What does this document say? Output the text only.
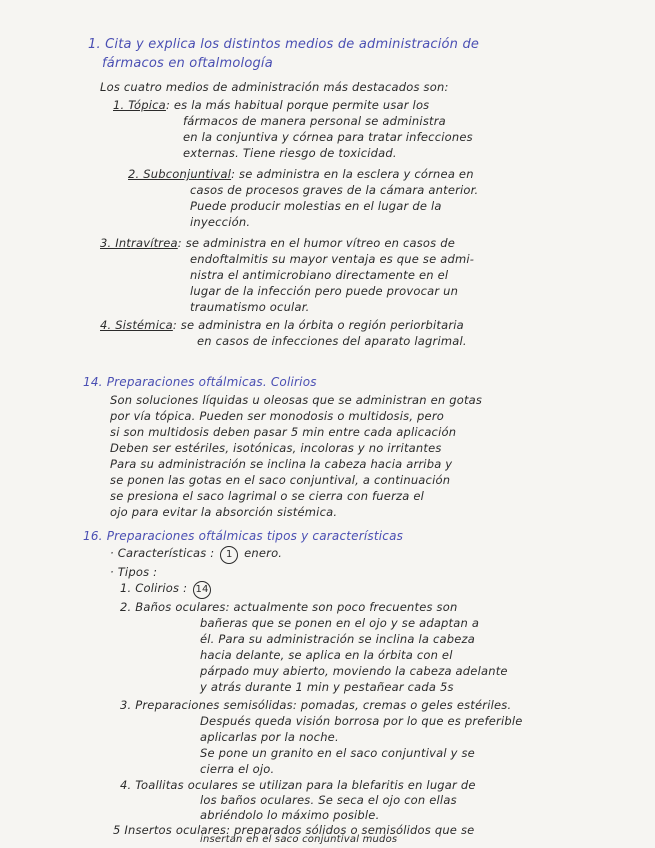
1. Cita y explica los distintos medios de administración de
fármacos en oftalmología
Los cuatro medios de administración más destacados son:
1. Tópica: es la más habitual porque permite usar los
fármacos de manera personal se administra
en la conjuntiva y córnea para tratar infecciones
externas. Tiene riesgo de toxicidad.
2. Subconjuntival: se administra en la esclera y córnea en
casos de procesos graves de la cámara anterior.
Puede producir molestias en el lugar de la
inyección.
3. Intravítrea: se administra en el humor vítreo en casos de
endoftalmitis su mayor ventaja es que se admi-
nistra el antimicrobiano directamente en el
lugar de la infección pero puede provocar un
traumatismo ocular.
4. Sistémica: se administra en la órbita o región periorbitaria
en casos de infecciones del aparato lagrimal.
14. Preparaciones oftálmicas. Colirios
Son soluciones líquidas u oleosas que se administran en gotas
por vía tópica. Pueden ser monodosis o multidosis, pero
si son multidosis deben pasar 5 min entre cada aplicación
Deben ser estériles, isotónicas, incoloras y no irritantes
Para su administración se inclina la cabeza hacia arriba y
se ponen las gotas en el saco conjuntival, a continuación
se presiona el saco lagrimal o se cierra con fuerza el
ojo para evitar la absorción sistémica.
16. Preparaciones oftálmicas tipos y características
· Características : 1 enero.
· Tipos :
1. Colirios : 14
2. Baños oculares: actualmente son poco frecuentes son
bañeras que se ponen en el ojo y se adaptan a
él. Para su administración se inclina la cabeza
hacia delante, se aplica en la órbita con el
párpado muy abierto, moviendo la cabeza adelante
y atrás durante 1 min y pestañear cada 5s
3. Preparaciones semisólidas: pomadas, cremas o geles estériles.
Después queda visión borrosa por lo que es preferible
aplicarlas por la noche.
Se pone un granito en el saco conjuntival y se
cierra el ojo.
4. Toallitas oculares se utilizan para la blefaritis en lugar de
los baños oculares. Se seca el ojo con ellas
abriéndolo lo máximo posible.
5 Insertos oculares: preparados sólidos o semisólidos que se
insertan en el saco conjuntival mudos
